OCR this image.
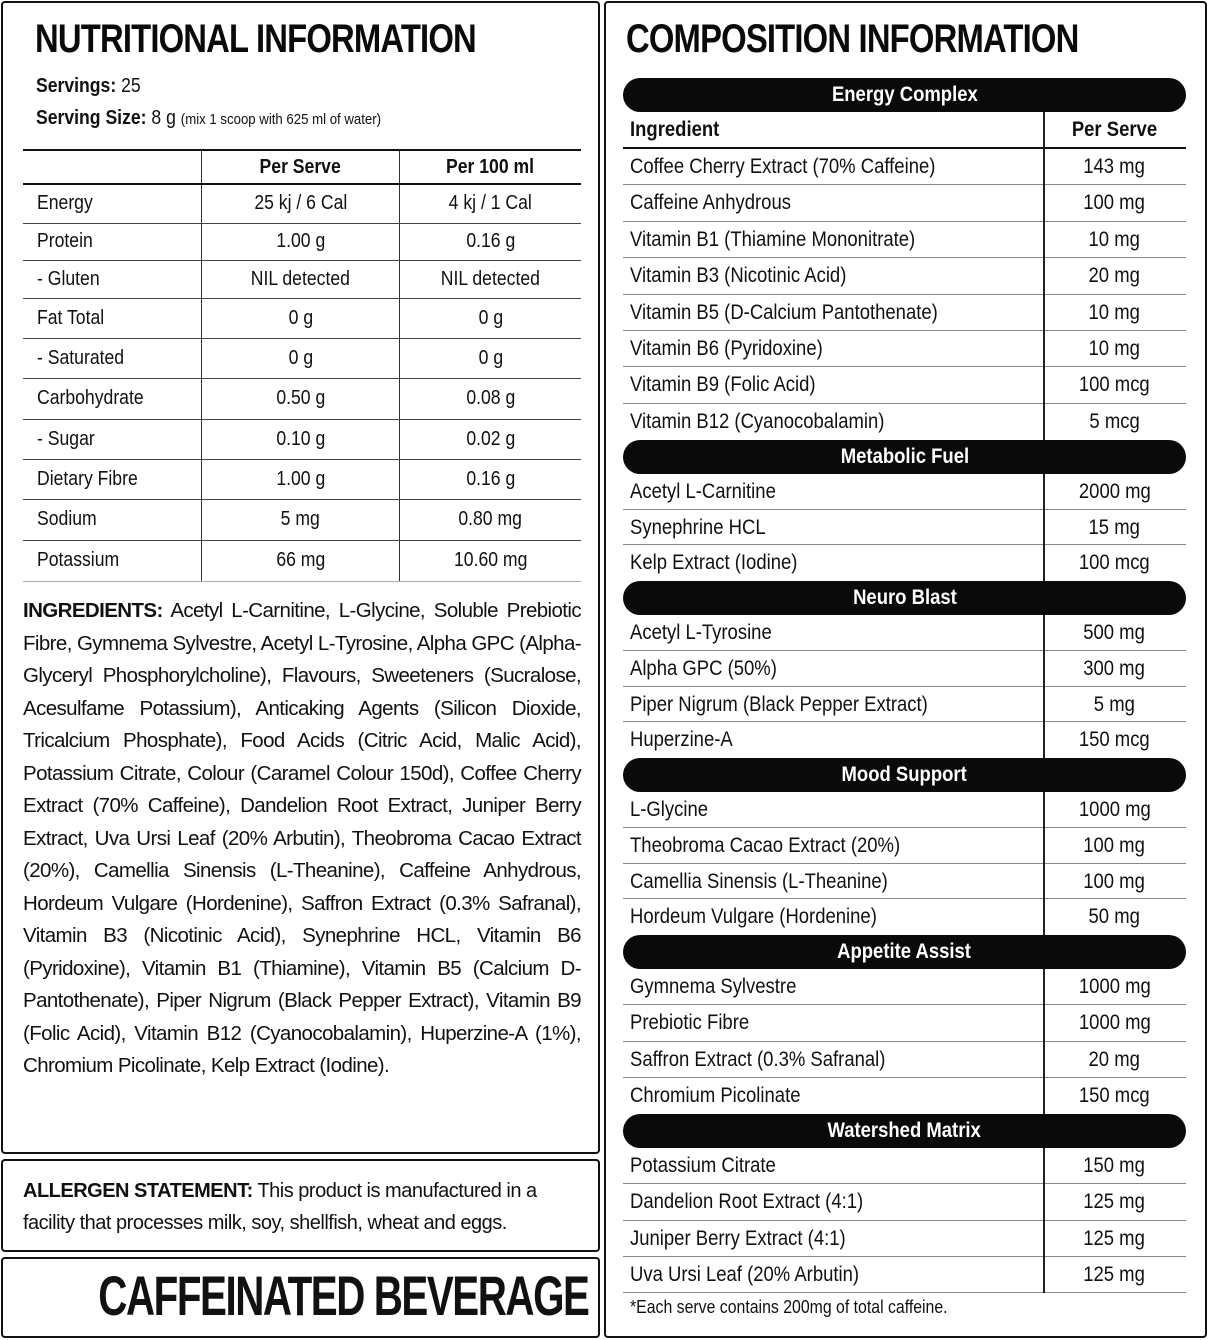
NUTRITIONAL INFORMATION
Servings: 25
Serving Size: 8 g (mix 1 scoop with 625 ml of water)
	Per Serve	Per 100 ml
Energy	25 kj / 6 Cal	4 kj / 1 Cal
Protein	1.00 g	0.16 g
- Gluten	NIL detected	NIL detected
Fat Total	0 g	0 g
- Saturated	0 g	0 g
Carbohydrate	0.50 g	0.08 g
- Sugar	0.10 g	0.02 g
Dietary Fibre	1.00 g	0.16 g
Sodium	5 mg	0.80 mg
Potassium	66 mg	10.60 mg
INGREDIENTS: Acetyl L-Carnitine, L-Glycine, Soluble Prebiotic Fibre, Gymnema Sylvestre, Acetyl L-Tyrosine, Alpha GPC (Alpha-Glyceryl Phosphorylcholine), Flavours, Sweeteners (Sucralose, Acesulfame Potassium), Anticaking Agents (Silicon Dioxide, Tricalcium Phosphate), Food Acids (Citric Acid, Malic Acid), Potassium Citrate, Colour (Caramel Colour 150d), Coffee Cherry Extract (70% Caffeine), Dandelion Root Extract, Juniper Berry Extract, Uva Ursi Leaf (20% Arbutin), Theobroma Cacao Extract (20%), Camellia Sinensis (L-Theanine), Caffeine Anhydrous, Hordeum Vulgare (Hordenine), Saffron Extract (0.3% Safranal), Vitamin B3 (Nicotinic Acid), Synephrine HCL, Vitamin B6 (Pyridoxine), Vitamin B1 (Thiamine), Vitamin B5 (Calcium D-Pantothenate), Piper Nigrum (Black Pepper Extract), Vitamin B9 (Folic Acid), Vitamin B12 (Cyanocobalamin), Huperzine-A (1%), Chromium Picolinate, Kelp Extract (Iodine).
ALLERGEN STATEMENT: This product is manufactured in a facility that processes milk, soy, shellfish, wheat and eggs.
CAFFEINATED BEVERAGE
COMPOSITION INFORMATION
Energy Complex
Ingredient	Per Serve
Coffee Cherry Extract (70% Caffeine)	143 mg
Caffeine Anhydrous	100 mg
Vitamin B1 (Thiamine Mononitrate)	10 mg
Vitamin B3 (Nicotinic Acid)	20 mg
Vitamin B5 (D-Calcium Pantothenate)	10 mg
Vitamin B6 (Pyridoxine)	10 mg
Vitamin B9 (Folic Acid)	100 mcg
Vitamin B12 (Cyanocobalamin)	5 mcg
Metabolic Fuel
Acetyl L-Carnitine	2000 mg
Synephrine HCL	15 mg
Kelp Extract (Iodine)	100 mcg
Neuro Blast
Acetyl L-Tyrosine	500 mg
Alpha GPC (50%)	300 mg
Piper Nigrum (Black Pepper Extract)	5 mg
Huperzine-A	150 mcg
Mood Support
L-Glycine	1000 mg
Theobroma Cacao Extract (20%)	100 mg
Camellia Sinensis (L-Theanine)	100 mg
Hordeum Vulgare (Hordenine)	50 mg
Appetite Assist
Gymnema Sylvestre	1000 mg
Prebiotic Fibre	1000 mg
Saffron Extract (0.3% Safranal)	20 mg
Chromium Picolinate	150 mcg
Watershed Matrix
Potassium Citrate	150 mg
Dandelion Root Extract (4:1)	125 mg
Juniper Berry Extract (4:1)	125 mg
Uva Ursi Leaf (20% Arbutin)	125 mg
*Each serve contains 200mg of total caffeine.
